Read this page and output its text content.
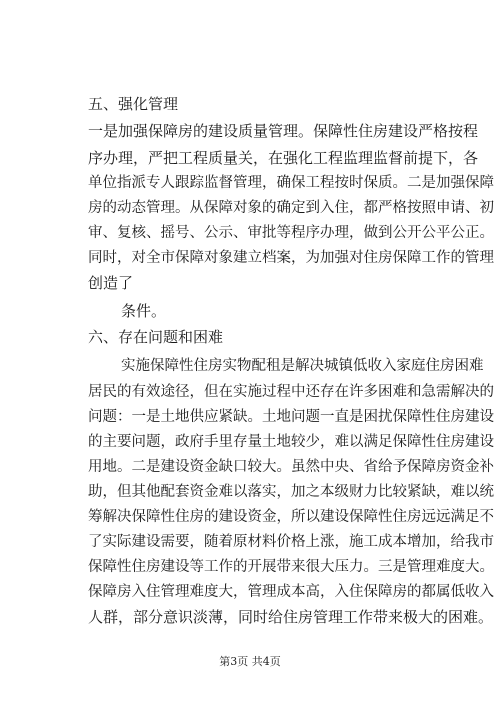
五、强化管理
一是加强保障房的建设质量管理。保障性住房建设严格按程
序办理，严把工程质量关，在强化工程监理监督前提下，各
单位指派专人跟踪监督管理，确保工程按时保质。二是加强保障
房的动态管理。从保障对象的确定到入住，都严格按照申请、初
审、复核、摇号、公示、审批等程序办理，做到公开公平公正。
同时，对全市保障对象建立档案，为加强对住房保障工作的管理
创造了
条件。
六、存在问题和困难
实施保障性住房实物配租是解决城镇低收入家庭住房困难
居民的有效途径，但在实施过程中还存在许多困难和急需解决的
问题：一是土地供应紧缺。土地问题一直是困扰保障性住房建设
的主要问题，政府手里存量土地较少，难以满足保障性住房建设
用地。二是建设资金缺口较大。虽然中央、省给予保障房资金补
助，但其他配套资金难以落实，加之本级财力比较紧缺，难以统
筹解决保障性住房的建设资金，所以建设保障性住房远远满足不
了实际建设需要，随着原材料价格上涨，施工成本增加，给我市
保障性住房建设等工作的开展带来很大压力。三是管理难度大。
保障房入住管理难度大，管理成本高，入住保障房的都属低收入
人群，部分意识淡薄，同时给住房管理工作带来极大的困难。
第3页 共4页
